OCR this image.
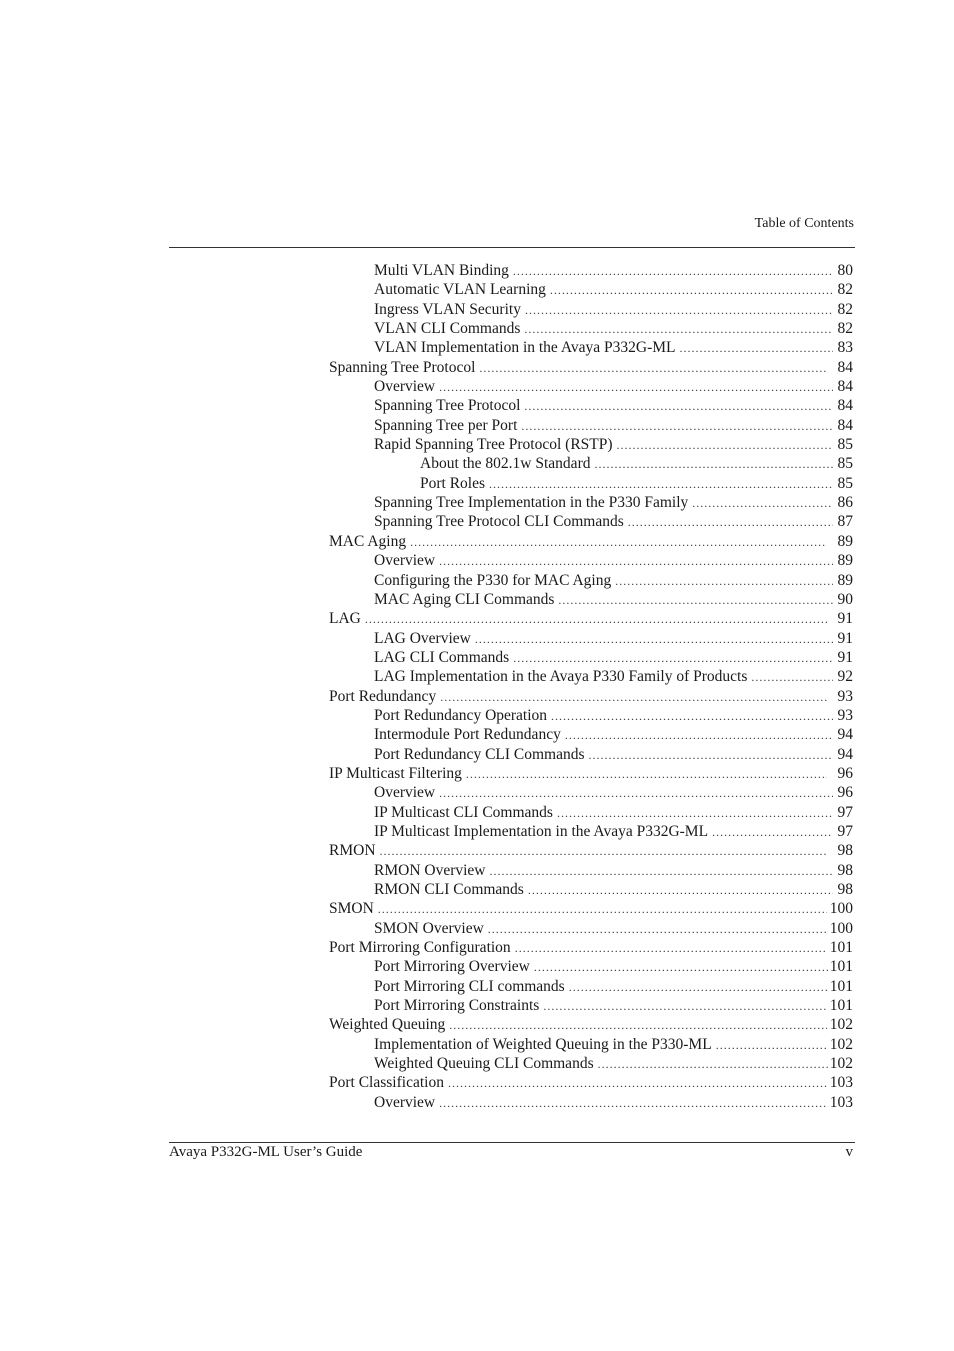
Table of Contents
Multi VLAN Binding .....	80
Automatic VLAN Learning .....	82
Ingress VLAN Security .....	82
VLAN CLI Commands .....	82
VLAN Implementation in the Avaya P332G-ML .....	83
Spanning Tree Protocol .....	84
Overview .....	84
Spanning Tree Protocol .....	84
Spanning Tree per Port .....	84
Rapid Spanning Tree Protocol (RSTP) .....	85
About the 802.1w Standard .....	85
Port Roles .....	85
Spanning Tree Implementation in the P330 Family .....	86
Spanning Tree Protocol CLI Commands .....	87
MAC Aging .....	89
Overview .....	89
Configuring the P330 for MAC Aging .....	89
MAC Aging CLI Commands .....	90
LAG .....	91
LAG Overview .....	91
LAG CLI Commands .....	91
LAG Implementation in the Avaya P330 Family of Products .....	92
Port Redundancy .....	93
Port Redundancy Operation .....	93
Intermodule Port Redundancy .....	94
Port Redundancy CLI Commands .....	94
IP Multicast Filtering .....	96
Overview .....	96
IP Multicast CLI Commands .....	97
IP Multicast Implementation in the Avaya P332G-ML .....	97
RMON .....	98
RMON Overview .....	98
RMON CLI Commands .....	98
SMON .....	100
SMON Overview .....	100
Port Mirroring Configuration .....	101
Port Mirroring Overview .....	101
Port Mirroring CLI commands .....	101
Port Mirroring Constraints .....	101
Weighted Queuing .....	102
Implementation of Weighted Queuing in the P330-ML .....	102
Weighted Queuing CLI Commands .....	102
Port Classification .....	103
Overview .....	103
Avaya P332G-ML User’s Guide	v
